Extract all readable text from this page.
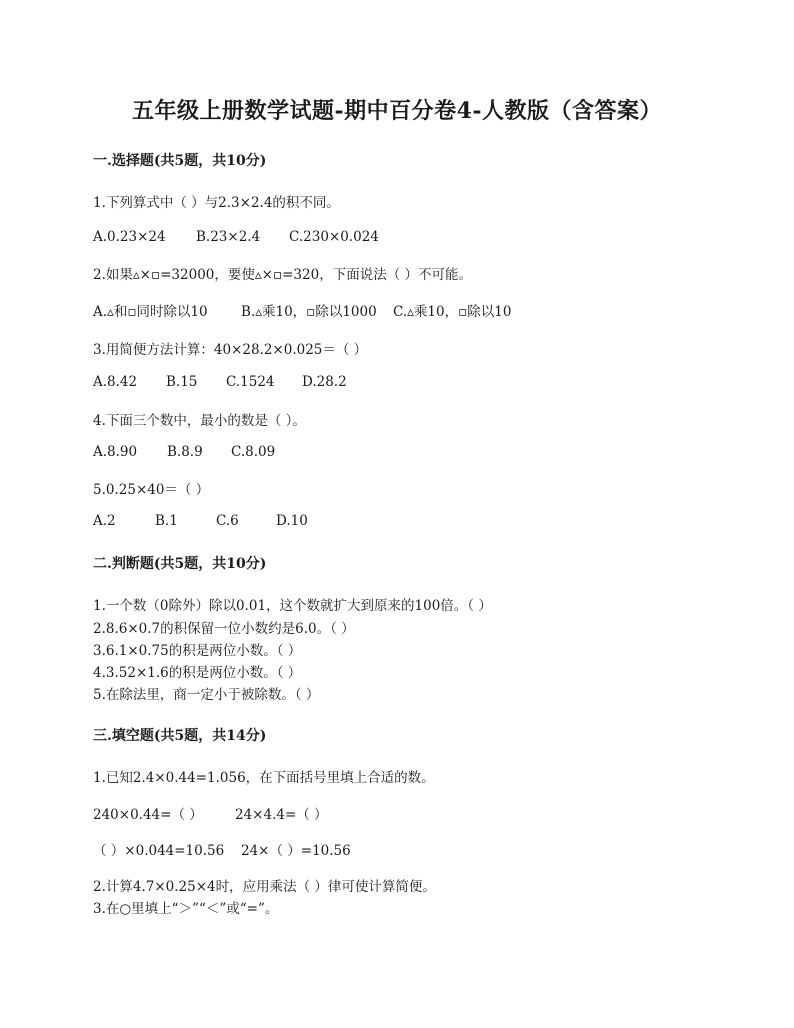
五年级上册数学试题-期中百分卷4-人教版（含答案）
一.选择题(共5题，共10分)
1.下列算式中（ ）与2.3×2.4的积不同。
A.0.23×24 B.23×2.4 C.230×0.024
2.如果▵×▫=32000，要使▵×▫=320，下面说法（ ）不可能。
A.▵和▫同时除以10 B.▵乘10，▫除以1000 C.▵乘10，▫除以10
3.用简便方法计算：40×28.2×0.025＝（ ）
A.8.42 B.15 C.1524 D.28.2
4.下面三个数中，最小的数是（ ）。
A.8.90 B.8.9 C.8.09
5.0.25×40＝（ ）
A.2	B.1	C.6	D.10
二.判断题(共5题，共10分)
1.一个数（0除外）除以0.01，这个数就扩大到原来的100倍。（ ）
2.8.6×0.7的积保留一位小数约是6.0。（ ）
3.6.1×0.75的积是两位小数。（ ）
4.3.52×1.6的积是两位小数。（ ）
5.在除法里，商一定小于被除数。（ ）
三.填空题(共5题，共14分)
1.已知2.4×0.44=1.056，在下面括号里填上合适的数。
240×0.44=（ ） 24×4.4=（ ）
（ ）×0.044=10.56 24×（ ）=10.56
2.计算4.7×0.25×4时，应用乘法（ ）律可使计算简便。
3.在○里填上“＞”“＜”或“=”。
